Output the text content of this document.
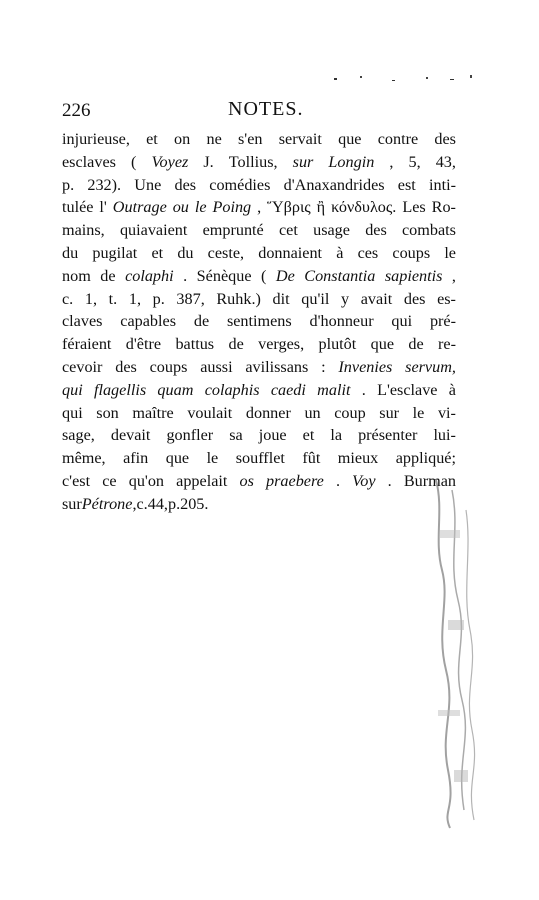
226	NOTES.
injurieuse, et on ne s'en servait que contre des
esclaves ( Voyez J. Tollius, sur Longin , 5, 43,
p. 232). Une des comédies d'Anaxandrides est inti-
tulée l' Outrage ou le Poing , Ὕβρις ἢ κόνδυλος. Les Ro-
mains, quiavaient emprunté cet usage des combats
du pugilat et du ceste, donnaient à ces coups le
nom de colaphi . Sénèque ( De Constantia sapientis ,
c. 1, t. 1, p. 387, Ruhk.) dit qu'il y avait des es-
claves capables de sentimens d'honneur qui pré-
féraient d'être battus de verges, plutôt que de re-
cevoir des coups aussi avilissans : Invenies servum,
qui flagellis quam colaphis caedi malit . L'esclave à
qui son maître voulait donner un coup sur le vi-
sage, devait gonfler sa joue et la présenter lui-
même, afin que le soufflet fût mieux appliqué;
c'est ce qu'on appelait os praebere . Voy . Burman
sur Pétrone , c. 44, p. 205.
